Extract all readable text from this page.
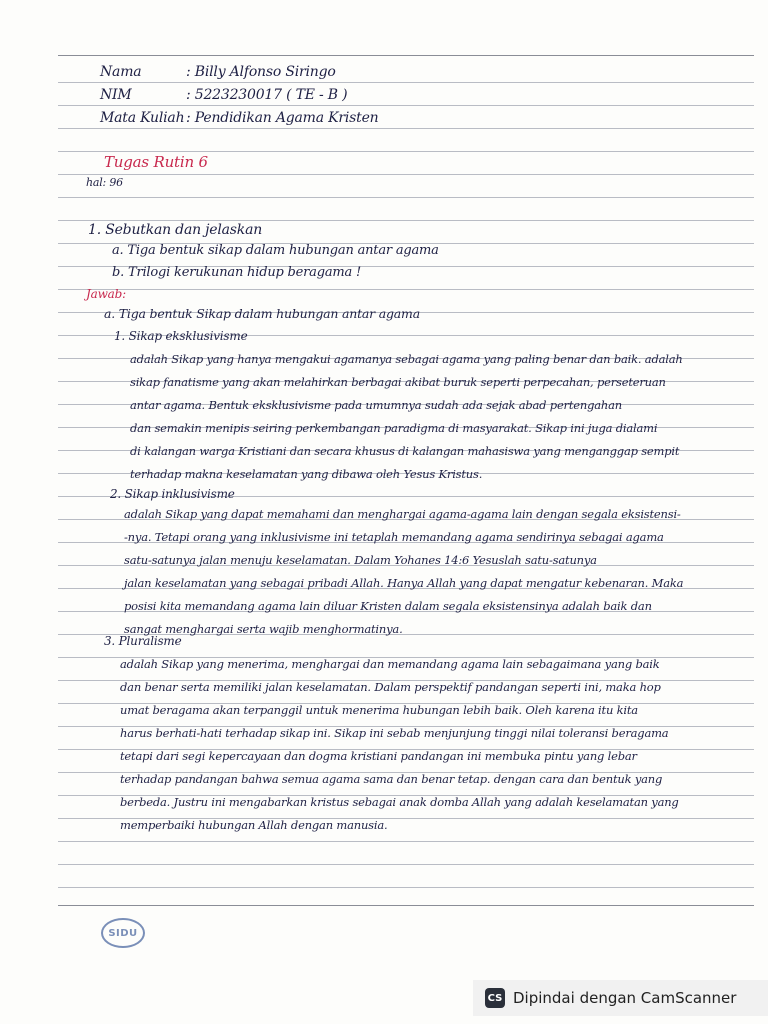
Nama	: Billy Alfonso Siringo
NIM	: 5223230017 ( TE - B )
Mata Kuliah : Pendidikan Agama Kristen
Tugas Rutin 6
hal: 96
1. Sebutkan dan jelaskan
a. Tiga bentuk sikap dalam hubungan antar agama
b. Trilogi kerukunan hidup beragama !
Jawab:
a. Tiga bentuk Sikap dalam hubungan antar agama
1. Sikap eksklusivisme
adalah Sikap yang hanya mengakui agamanya sebagai agama yang paling benar dan baik. adalah
sikap fanatisme yang akan melahirkan berbagai akibat buruk seperti perpecahan, perseteruan
antar agama. Bentuk eksklusivisme pada umumnya sudah ada sejak abad pertengahan
dan semakin menipis seiring perkembangan paradigma di masyarakat. Sikap ini juga dialami
di kalangan warga Kristiani dan secara khusus di kalangan mahasiswa yang menganggap sempit
terhadap makna keselamatan yang dibawa oleh Yesus Kristus.
2. Sikap inklusivisme
adalah Sikap yang dapat memahami dan menghargai agama-agama lain dengan segala eksistensi-
-nya. Tetapi orang yang inklusivisme ini tetaplah memandang agama sendirinya sebagai agama
satu-satunya jalan menuju keselamatan. Dalam Yohanes 14:6 Yesuslah satu-satunya
jalan keselamatan yang sebagai pribadi Allah. Hanya Allah yang dapat mengatur kebenaran. Maka
posisi kita memandang agama lain diluar Kristen dalam segala eksistensinya adalah baik dan
sangat menghargai serta wajib menghormatinya.
3. Pluralisme
adalah Sikap yang menerima, menghargai dan memandang agama lain sebagaimana yang baik
dan benar serta memiliki jalan keselamatan. Dalam perspektif pandangan seperti ini, maka hop
umat beragama akan terpanggil untuk menerima hubungan lebih baik. Oleh karena itu kita
harus berhati-hati terhadap sikap ini. Sikap ini sebab menjunjung tinggi nilai toleransi beragama
tetapi dari segi kepercayaan dan dogma kristiani pandangan ini membuka pintu yang lebar
terhadap pandangan bahwa semua agama sama dan benar tetap. dengan cara dan bentuk yang
berbeda. Justru ini mengabarkan kristus sebagai anak domba Allah yang adalah keselamatan yang
memperbaiki hubungan Allah dengan manusia.
SIDU
CS Dipindai dengan CamScanner
